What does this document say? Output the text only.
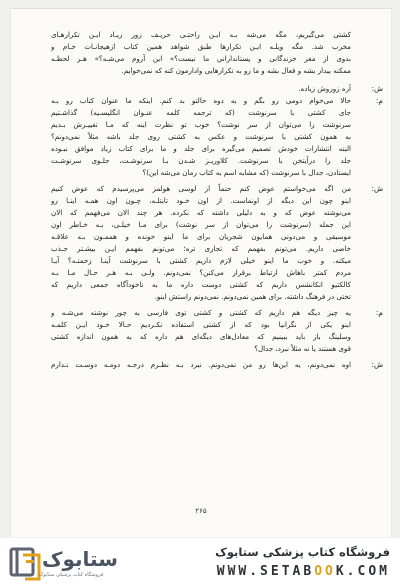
کشتی می‌گیریم، مگه می‌شه بـه ایـن راحتـی حریـف زور زیـاد ایـن تکرارهـای
مخرب شد. مگه ویلـه ایـن تکرارها طبق شواهد همین کتاب ازهیجانـات خـام و
بدوی از مغز خزندگانی و پستانداراني ما نيست؟» این آروم می‌شـه؟» هـر لحظـه
ممکنه بیدار بشه و فعال بشه و ما رو به تکرارهایی وادارمون کنه که نمی‌خوایم.
ش:
آره زوروش زیاده.
م:
حالا می‌خوام دومی رو بگم و به دوه حالتو بد کنم. اینکه ما عنوان کتاب رو بـه
جای کشتی با سرنوشت (که ترجمه کلمه عنـوان انگلیسـیه) گذاشـتیم
سرنوشت را می‌توان از سر نوشت؟ خوب تو نظرت اینه که مـا تغییـرش بـدیم
به همون کشتی با سرنوشت و عکس به کشتی روی جلد باشه مثلاً نمی‌دونم؟
البته انتشارات خودش تصمیم می‌گیره برای جلد و ما برای کتاب زیاد موافق نبـوده
جلد را درآیتخن با سرنوشت. کلاوریـز شـدن بـا سرنوشـت، جلـوی سرنوشـت
ایستادن، جدال با سرنوشت (که مشابه اسم به کتاب رمان می‌شه این)؟
ش:
من اگه می‌خواستم عوض کنم حتماً از لوسی هولمز می‌پرسیدم که عوض کنیم
اینو چون این دیگه از اونماست. از اون خـود تایتلـه، چـون اون همـه اینـا رو
می‌نوشته عوض که و به دلیلی داشته که نکرده. هر چند الان می‌فهمم که الان
این جمله (سرنوشت را می‌توان از سر نوشت) برای مـا خیلـی، بـه خـاطر اون
موسیقی و می‌دونی همایون شجریان برای ما اینو خونده و هممـون بـه علاقـه
خاصی داریم. می‌تونم بفهمم که تجاری تره؛ می‌تونم بفهمم ایـن بیشـتر جـذب
میکنه. و خوب ما اینو خیلی لازم داریم کشتی با سرنوشت آینـا زحمتـه؟ آیـا
مردم کمتر باهاش ارتباط برقرار می‌کنن؟ نمی‌دونم. ولـی بـه هـر حـال مـا بـه
کالکتیو انکانشس داریم که کشتی دوست داره ما به ناخودآگاه جمعی داریم که
تختی در فرهنگ داشته. برای همین نمی‌دونم. نمی‌دونم راستش اینو.
م:
یه چیز دیگه هم داریم که کشتی و کشتی توی فارسی به چور نوشته می‌شـه و
اینو یکی از نگرانیا بود که از کشتی استفاده نکـردیم حـالا خـود ایـن کلمـه
وسلینگ باز باید ببینیم که معادل‌های دیگه‌ای هم داره که به همون اندازه کشتی
قوی هستند یا نه مثلاً نبرد، جدال؟
ش:
اوه نمی‌دونم، یه این‌ها رو من نمی‌دونم. نبرد بـه نظـرم درجـه دومـه دوسـت نـدارم
۲۶۵
ستابوک
فروشگاه کتاب پزشکی ستابوک
فروشگاه کتاب پزشکی ستابوک
WWW.SETABOOK.COM
